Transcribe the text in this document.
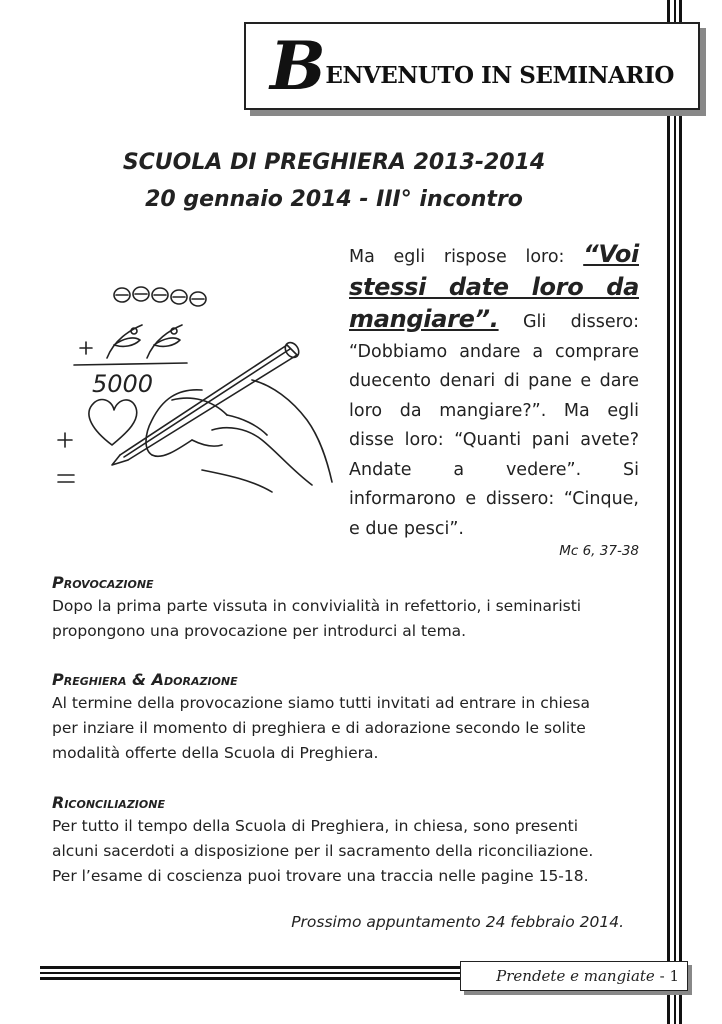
BENVENUTO IN SEMINARIO
SCUOLA DI PREGHIERA 2013-2014
20 gennaio 2014 - III° incontro
5000
Ma egli rispose loro: “Voi stessi date loro da mangiare”. Gli dissero: “Dobbiamo andare a comprare duecento denari di pane e dare loro da mangiare?”. Ma egli disse loro: “Quanti pani avete? Andate a vedere”. Si informarono e dissero: “Cinque, e due pesci”.
Mc 6, 37-38
Provocazione
Dopo la prima parte vissuta in convivialità in refettorio, i seminaristi
propongono una provocazione per introdurci al tema.
Preghiera & Adorazione
Al termine della provocazione siamo tutti invitati ad entrare in chiesa
per inziare il momento di preghiera e di adorazione secondo le solite
modalità offerte della Scuola di Preghiera.
Riconciliazione
Per tutto il tempo della Scuola di Preghiera, in chiesa, sono presenti
alcuni sacerdoti a disposizione per il sacramento della riconciliazione.
Per l’esame di coscienza puoi trovare una traccia nelle pagine 15-18.
Prossimo appuntamento 24 febbraio 2014.
Prendete e mangiate
-
1
